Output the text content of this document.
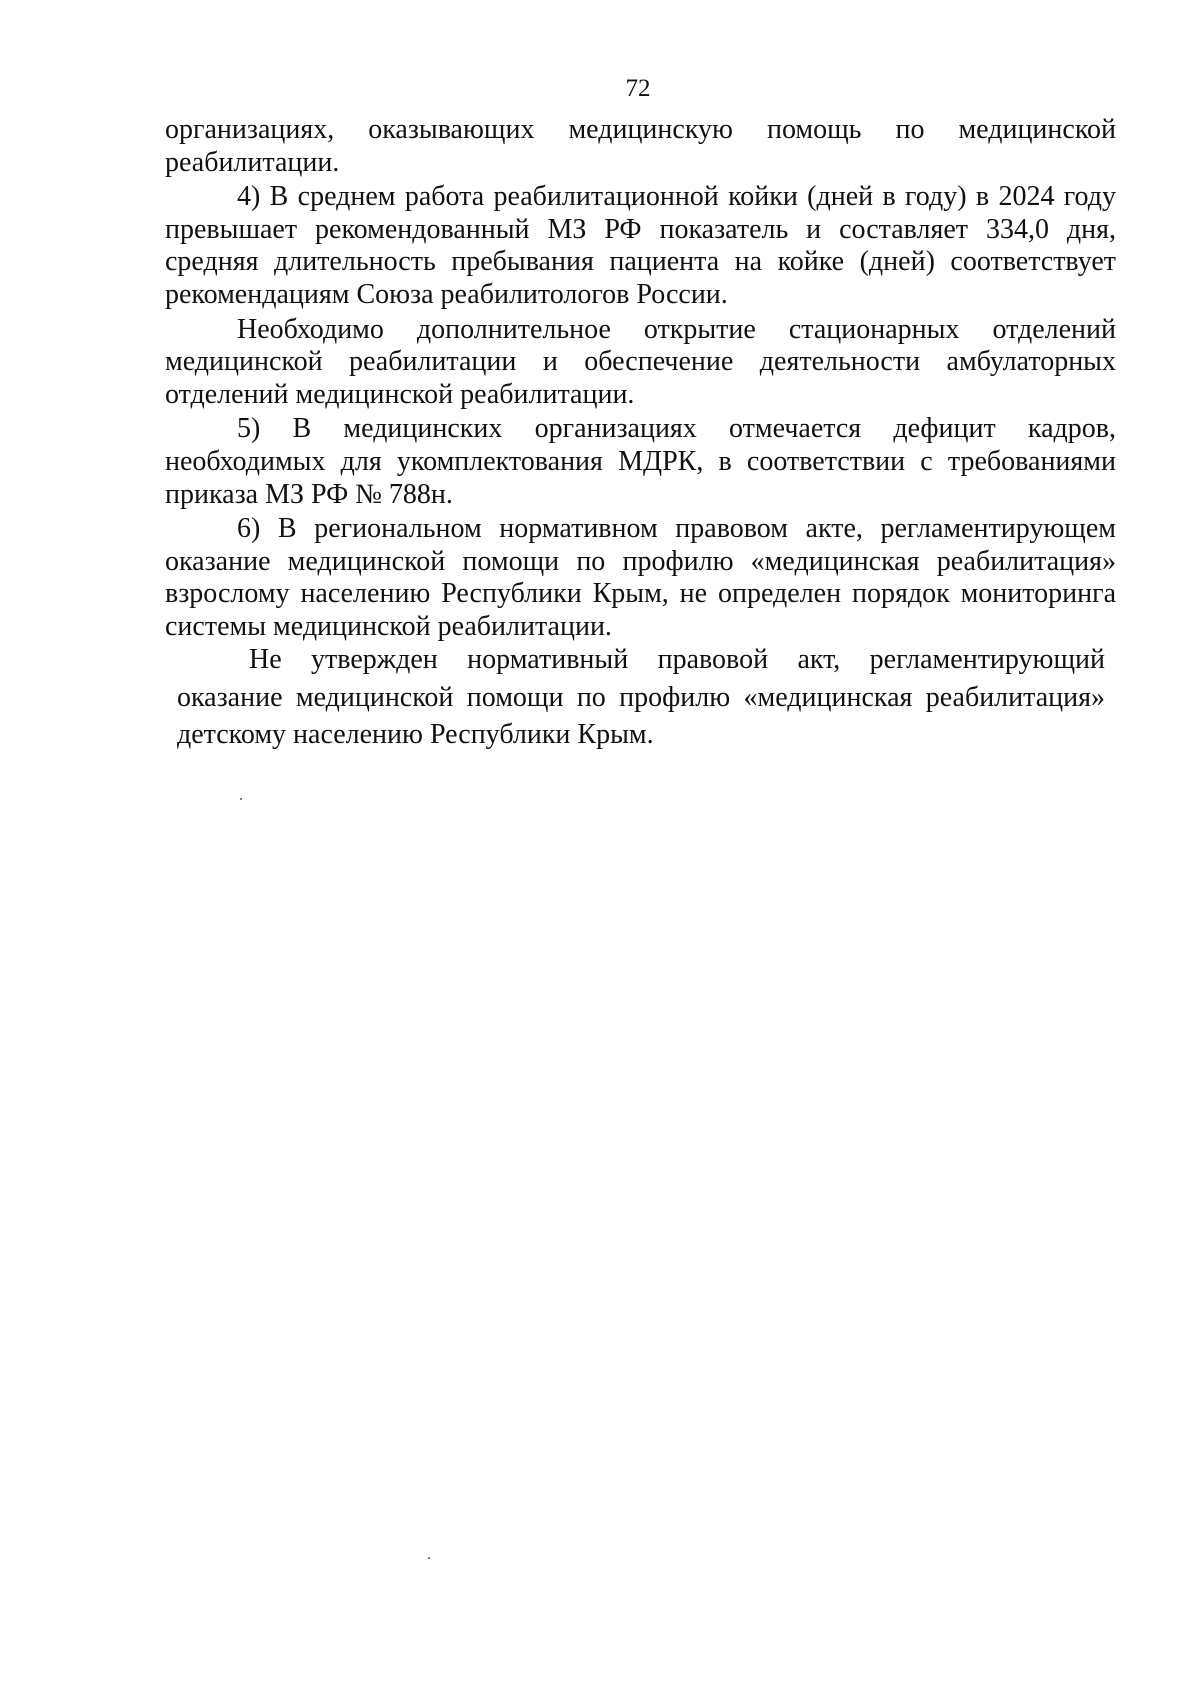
72

организациях, оказывающих медицинскую помощь по медицинской реабилитации.

4) В среднем работа реабилитационной койки (дней в году) в 2024 году превышает рекомендованный МЗ РФ показатель и составляет 334,0 дня, средняя длительность пребывания пациента на койке (дней) соответствует рекомендациям Союза реабилитологов России.

Необходимо дополнительное открытие стационарных отделений медицинской реабилитации и обеспечение деятельности амбулаторных отделений медицинской реабилитации.

5) В медицинских организациях отмечается дефицит кадров, необходимых для укомплектования МДРК, в соответствии с требованиями приказа МЗ РФ № 788н.

6) В региональном нормативном правовом акте, регламентирующем оказание медицинской помощи по профилю «медицинская реабилитация» взрослому населению Республики Крым, не определен порядок мониторинга системы медицинской реабилитации.

Не утвержден нормативный правовой акт, регламентирующий оказание медицинской помощи по профилю «медицинская реабилитация» детскому населению Республики Крым.
